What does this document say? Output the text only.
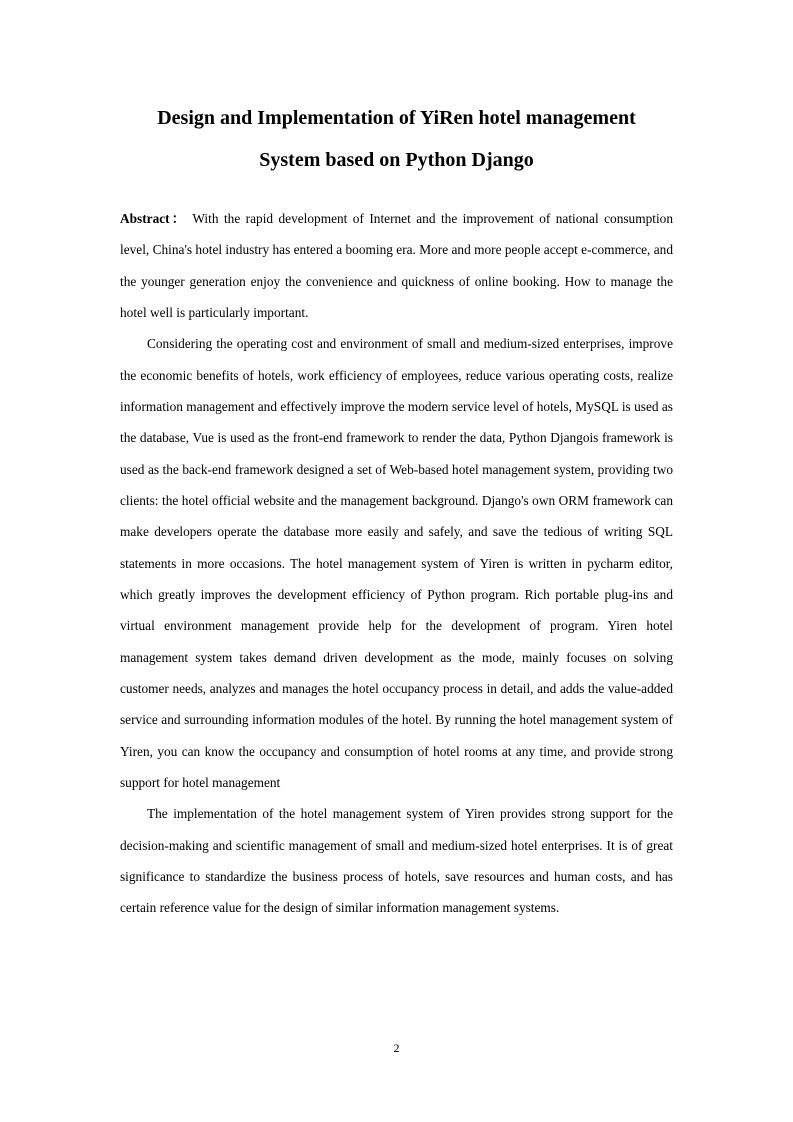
Design and Implementation of YiRen hotel management
System based on Python Django

Abstract： With the rapid development of Internet and the improvement of national consumption level, China's hotel industry has entered a booming era. More and more people accept e-commerce, and the younger generation enjoy the convenience and quickness of online booking. How to manage the hotel well is particularly important.

Considering the operating cost and environment of small and medium-sized enterprises, improve the economic benefits of hotels, work efficiency of employees, reduce various operating costs, realize information management and effectively improve the modern service level of hotels, MySQL is used as the database, Vue is used as the front-end framework to render the data, Python Djangois framework is used as the back-end framework designed a set of Web-based hotel management system, providing two clients: the hotel official website and the management background. Django's own ORM framework can make developers operate the database more easily and safely, and save the tedious of writing SQL statements in more occasions. The hotel management system of Yiren is written in pycharm editor, which greatly improves the development efficiency of Python program. Rich portable plug-ins and virtual environment management provide help for the development of program. Yiren hotel management system takes demand driven development as the mode, mainly focuses on solving customer needs, analyzes and manages the hotel occupancy process in detail, and adds the value-added service and surrounding information modules of the hotel. By running the hotel management system of Yiren, you can know the occupancy and consumption of hotel rooms at any time, and provide strong support for hotel management

The implementation of the hotel management system of Yiren provides strong support for the decision-making and scientific management of small and medium-sized hotel enterprises. It is of great significance to standardize the business process of hotels, save resources and human costs, and has certain reference value for the design of similar information management systems.

2
